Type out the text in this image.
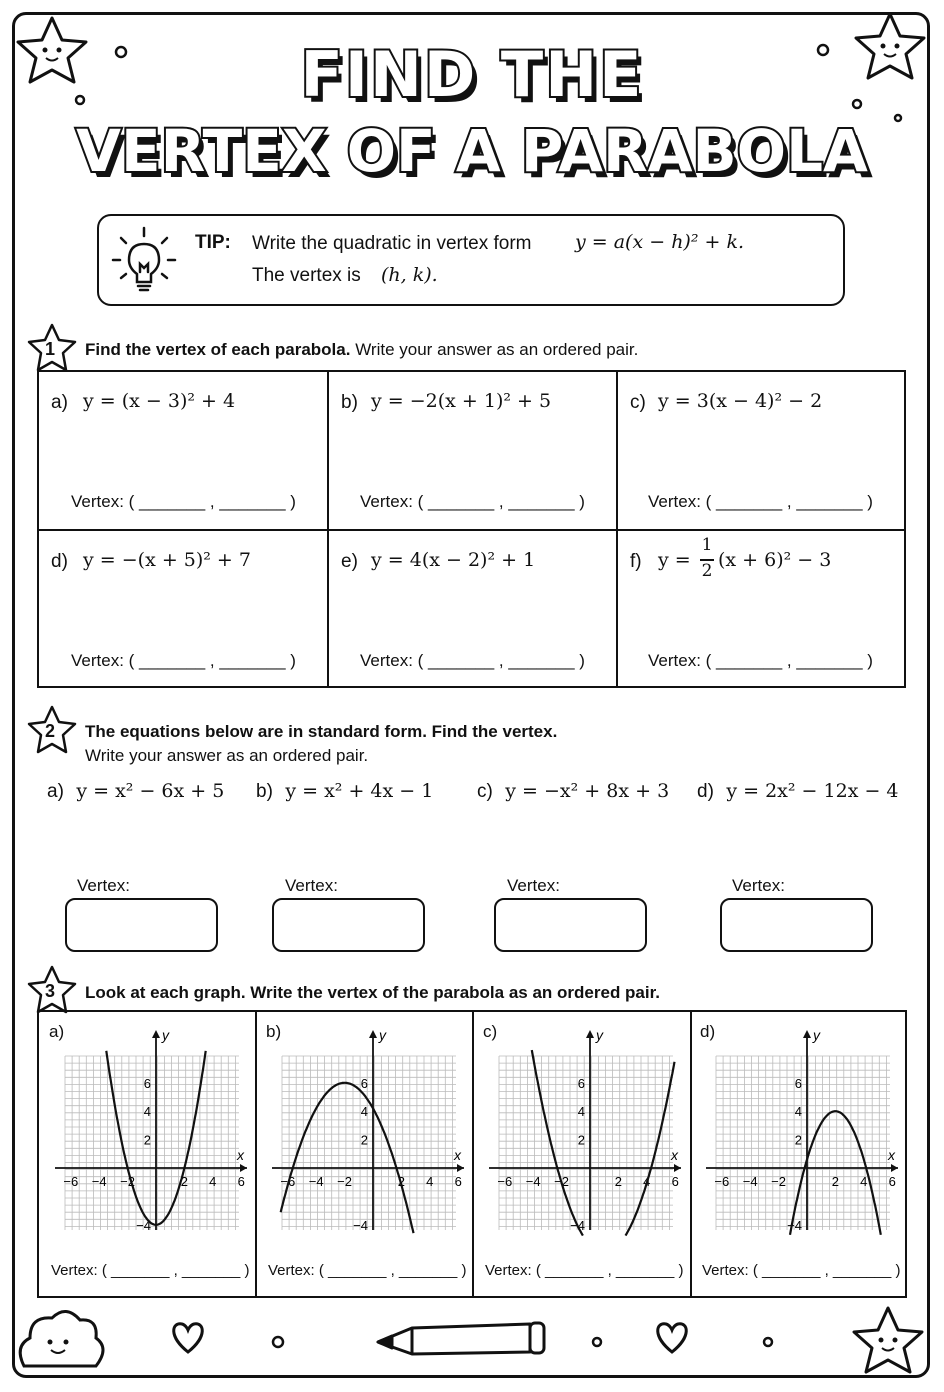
FIND THE
VERTEX OF A PARABOLA
TIP: Write the quadratic in vertex form y = a(x − h)² + k.
The vertex is (h, k).
1 Find the vertex of each parabola. Write your answer as an ordered pair.
a) y = (x − 3)² + 4
Vertex: ( _______ , _______ )
b) y = −2(x + 1)² + 5
Vertex: ( _______ , _______ )
c) y = 3(x − 4)² − 2
Vertex: ( _______ , _______ )
d) y = −(x + 5)² + 7
Vertex: ( _______ , _______ )
e) y = 4(x − 2)² + 1
Vertex: ( _______ , _______ )
f) y =
1
2 (x + 6)² − 3
Vertex: ( _______ , _______ )
2 The equations below are in standard form. Find the vertex.
Write your answer as an ordered pair.
a) y = x² − 6x + 5 b) y = x² + 4x − 1 c) y = −x² + 8x + 3 d) y = 2x² − 12x − 4
Vertex:	Vertex:	Vertex:	Vertex:
3 Look at each graph. Write the vertex of the parabola as an ordered pair.
a)
x
y
−6 −4 −2	2 4 6
6
4
2
−4
Vertex: ( _______ , _______ )
b)
x
y
−6 −4 −2	2 4 6
6
4
2
−4
Vertex: ( _______ , _______ )
c)
x
y
−6 −4 −2	2 4 6
6
4
2
−4
Vertex: ( _______ , _______ )
d)
x
y
−6 −4 −2	2 4 6
6
4
2
−4
Vertex: ( _______ , _______ )
